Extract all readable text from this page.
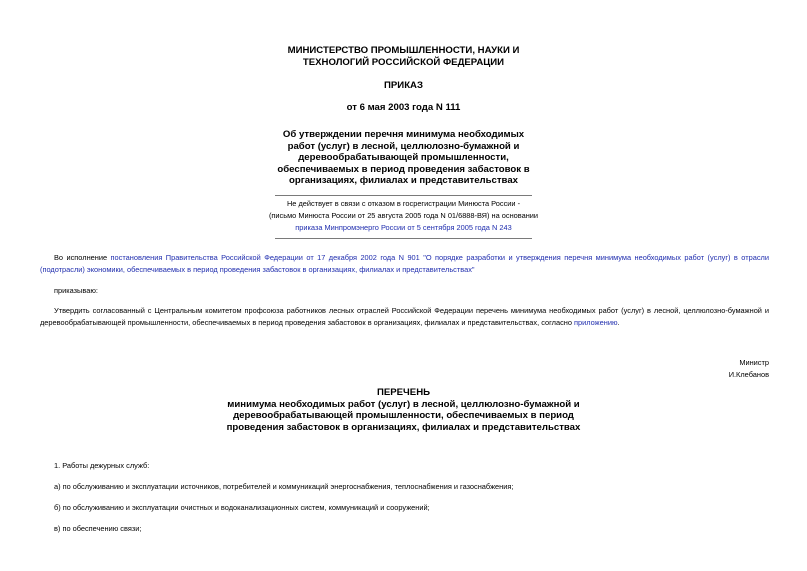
МИНИСТЕРСТВО ПРОМЫШЛЕННОСТИ, НАУКИ И
ТЕХНОЛОГИЙ РОССИЙСКОЙ ФЕДЕРАЦИИ
ПРИКАЗ
от 6 мая 2003 года N 111
Об утверждении перечня минимума необходимых
работ (услуг) в лесной, целлюлозно-бумажной и
деревообрабатывающей промышленности,
обеспечиваемых в период проведения забастовок в
организациях, филиалах и представительствах
Не действует в связи с отказом в госрегистрации Минюста России -
(письмо Минюста России от 25 августа 2005 года N 01/6888-ВЯ) на основании
приказа Минпромэнерго России от 5 сентября 2005 года N 243
Во исполнение постановления Правительства Российской Федерации от 17 декабря 2002 года N 901 "О порядке разработки и утверждения перечня минимума необходимых работ (услуг) в отрасли (подотрасли) экономики, обеспечиваемых в период проведения забастовок в организациях, филиалах и представительствах"
приказываю:
Утвердить согласованный с Центральным комитетом профсоюза работников лесных отраслей Российской Федерации перечень минимума необходимых работ (услуг) в лесной, целлюлозно-бумажной и деревообрабатывающей промышленности, обеспечиваемых в период проведения забастовок в организациях, филиалах и представительствах, согласно приложению.
Министр
И.Клебанов
ПЕРЕЧЕНЬ
минимума необходимых работ (услуг) в лесной, целлюлозно-бумажной и
деревообрабатывающей промышленности, обеспечиваемых в период
проведения забастовок в организациях, филиалах и представительствах
1. Работы дежурных служб:
а) по обслуживанию и эксплуатации источников, потребителей и коммуникаций энергоснабжения, теплоснабжения и газоснабжения;
б) по обслуживанию и эксплуатации очистных и водоканализационных систем, коммуникаций и сооружений;
в) по обеспечению связи;
